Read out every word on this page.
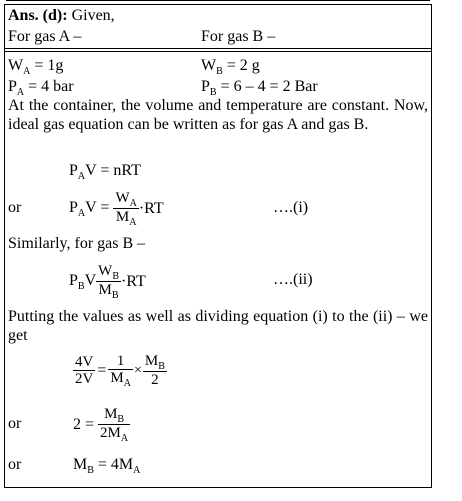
Ans. (d): Given,
For gas A –	For gas B –
$W_A = 1g$	$W_B = 2$ g
$P_A = 4$ bar	$P_B = 6 - 4 = 2$ Bar
At the container, the volume and temperature are constant. Now, ideal gas equation can be written as for gas A and gas B.
$P_AV$ = nRT
or	$P_AV$ =
$\frac{W_A}{M_A} \cdot RT$	….(i)
Similarly, for gas B –
$P_BV \frac{W_B}{M_B} \cdot RT$	….(ii)
Putting the values as well as dividing equation (i) to the (ii) – we get
$\frac{4V}{2V} = \frac{1}{M_A} \times \frac{M_B}{2}$
or	2 =
$\frac{M_B}{2M_A}$
or	$M_B = 4M_A$
